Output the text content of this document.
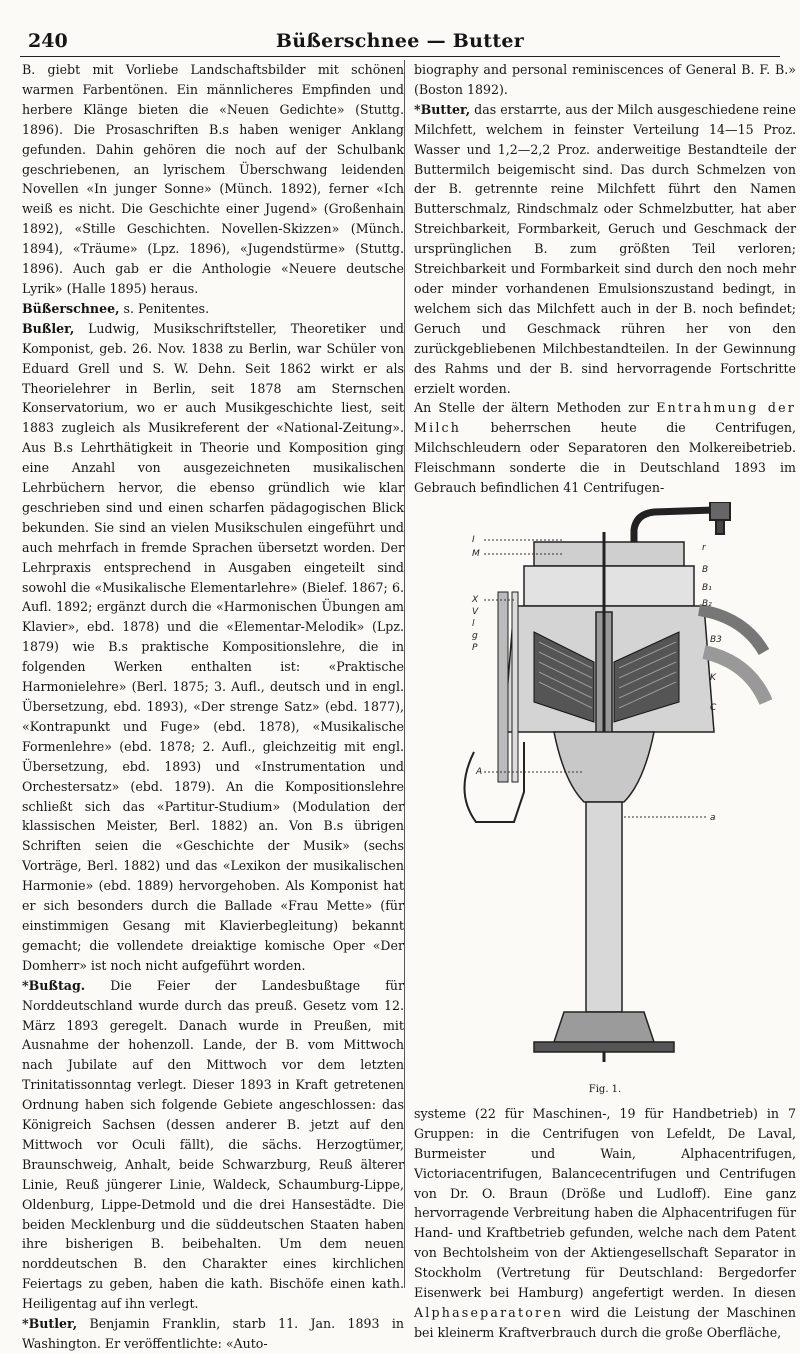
240	Büßerschnee — Butter

B. giebt mit Vorliebe Landschaftsbilder mit schönen warmen Farbentönen. Ein männlicheres Empfinden und herbere Klänge bieten die «Neuen Gedichte» (Stuttg. 1896). Die Prosaschriften B.s haben weniger Anklang gefunden. Dahin gehören die noch auf der Schulbank geschriebenen, an lyrischem Überschwang leidenden Novellen «In junger Sonne» (Münch. 1892), ferner «Ich weiß es nicht. Die Geschichte einer Jugend» (Großenhain 1892), «Stille Geschichten. Novellen-Skizzen» (Münch. 1894), «Träume» (Lpz. 1896), «Jugendstürme» (Stuttg. 1896). Auch gab er die Anthologie «Neuere deutsche Lyrik» (Halle 1895) heraus.

Büßerschnee, s. Penitentes.

Bußler, Ludwig, Musikschriftsteller, Theoretiker und Komponist, geb. 26. Nov. 1838 zu Berlin, war Schüler von Eduard Grell und S. W. Dehn. Seit 1862 wirkt er als Theorielehrer in Berlin, seit 1878 am Sternschen Konservatorium, wo er auch Musikgeschichte liest, seit 1883 zugleich als Musikreferent der «National-Zeitung». Aus B.s Lehrthätigkeit in Theorie und Komposition ging eine Anzahl von ausgezeichneten musikalischen Lehrbüchern hervor, die ebenso gründlich wie klar geschrieben sind und einen scharfen pädagogischen Blick bekunden. Sie sind an vielen Musikschulen eingeführt und auch mehrfach in fremde Sprachen übersetzt worden. Der Lehrpraxis entsprechend in Ausgaben eingeteilt sind sowohl die «Musikalische Elementarlehre» (Bielef. 1867; 6. Aufl. 1892; ergänzt durch die «Harmonischen Übungen am Klavier», ebd. 1878) und die «Elementar-Melodik» (Lpz. 1879) wie B.s praktische Kompositionslehre, die in folgenden Werken enthalten ist: «Praktische Harmonielehre» (Berl. 1875; 3. Aufl., deutsch und in engl. Übersetzung, ebd. 1893), «Der strenge Satz» (ebd. 1877), «Kontrapunkt und Fuge» (ebd. 1878), «Musikalische Formenlehre» (ebd. 1878; 2. Aufl., gleichzeitig mit engl. Übersetzung, ebd. 1893) und «Instrumentation und Orchestersatz» (ebd. 1879). An die Kompositionslehre schließt sich das «Partitur-Studium» (Modulation der klassischen Meister, Berl. 1882) an. Von B.s übrigen Schriften seien die «Geschichte der Musik» (sechs Vorträge, Berl. 1882) und das «Lexikon der musikalischen Harmonie» (ebd. 1889) hervorgehoben. Als Komponist hat er sich besonders durch die Ballade «Frau Mette» (für einstimmigen Gesang mit Klavierbegleitung) bekannt gemacht; die vollendete dreiaktige komische Oper «Der Domherr» ist noch nicht aufgeführt worden.

*Bußtag. Die Feier der Landesbußtage für Norddeutschland wurde durch das preuß. Gesetz vom 12. März 1893 geregelt. Danach wurde in Preußen, mit Ausnahme der hohenzoll. Lande, der B. vom Mittwoch nach Jubilate auf den Mittwoch vor dem letzten Trinitatissonntag verlegt. Dieser 1893 in Kraft getretenen Ordnung haben sich folgende Gebiete angeschlossen: das Königreich Sachsen (dessen anderer B. jetzt auf den Mittwoch vor Oculi fällt), die sächs. Herzogtümer, Braunschweig, Anhalt, beide Schwarzburg, Reuß älterer Linie, Reuß jüngerer Linie, Waldeck, Schaumburg-Lippe, Oldenburg, Lippe-Detmold und die drei Hansestädte. Die beiden Mecklenburg und die süddeutschen Staaten haben ihre bisherigen B. beibehalten. Um dem neuen norddeutschen B. den Charakter eines kirchlichen Feiertags zu geben, haben die kath. Bischöfe einen kath. Heiligentag auf ihn verlegt.

*Butler, Benjamin Franklin, starb 11. Jan. 1893 in Washington. Er veröffentlichte: «Auto-

biography and personal reminiscences of General B. F. B.» (Boston 1892).

*Butter, das erstarrte, aus der Milch ausgeschiedene reine Milchfett, welchem in feinster Verteilung 14—15 Proz. Wasser und 1,2—2,2 Proz. anderweitige Bestandteile der Buttermilch beigemischt sind. Das durch Schmelzen von der B. getrennte reine Milchfett führt den Namen Butterschmalz, Rindschmalz oder Schmelzbutter, hat aber Streichbarkeit, Formbarkeit, Geruch und Geschmack der ursprünglichen B. zum größten Teil verloren; Streichbarkeit und Formbarkeit sind durch den noch mehr oder minder vorhandenen Emulsionszustand bedingt, in welchem sich das Milchfett auch in der B. noch befindet; Geruch und Geschmack rühren her von den zurückgebliebenen Milchbestandteilen. In der Gewinnung des Rahms und der B. sind hervorragende Fortschritte erzielt worden.

An Stelle der ältern Methoden zur Entrahmung der Milch beherrschen heute die Centrifugen, Milchschleudern oder Separatoren den Molkereibetrieb. Fleischmann sonderte die in Deutschland 1893 im Gebrauch befindlichen 41 Centrifugen-

I
M
X
V
l
g
P
r
B
B₁
B₂
B3
K
C
A
a
Fig. 1.

systeme (22 für Maschinen-, 19 für Handbetrieb) in 7 Gruppen: in die Centrifugen von Lefeldt, De Laval, Burmeister und Wain, Alphacentrifugen, Victoriacentrifugen, Balancecentrifugen und Centrifugen von Dr. O. Braun (Dröße und Ludloff). Eine ganz hervorragende Verbreitung haben die Alphacentrifugen für Hand- und Kraftbetrieb gefunden, welche nach dem Patent von Bechtolsheim von der Aktiengesellschaft Separator in Stockholm (Vertretung für Deutschland: Bergedorfer Eisenwerk bei Hamburg) angefertigt werden. In diesen Alphaseparatoren wird die Leistung der Maschinen bei kleinerm Kraftverbrauch durch die große Oberfläche,
